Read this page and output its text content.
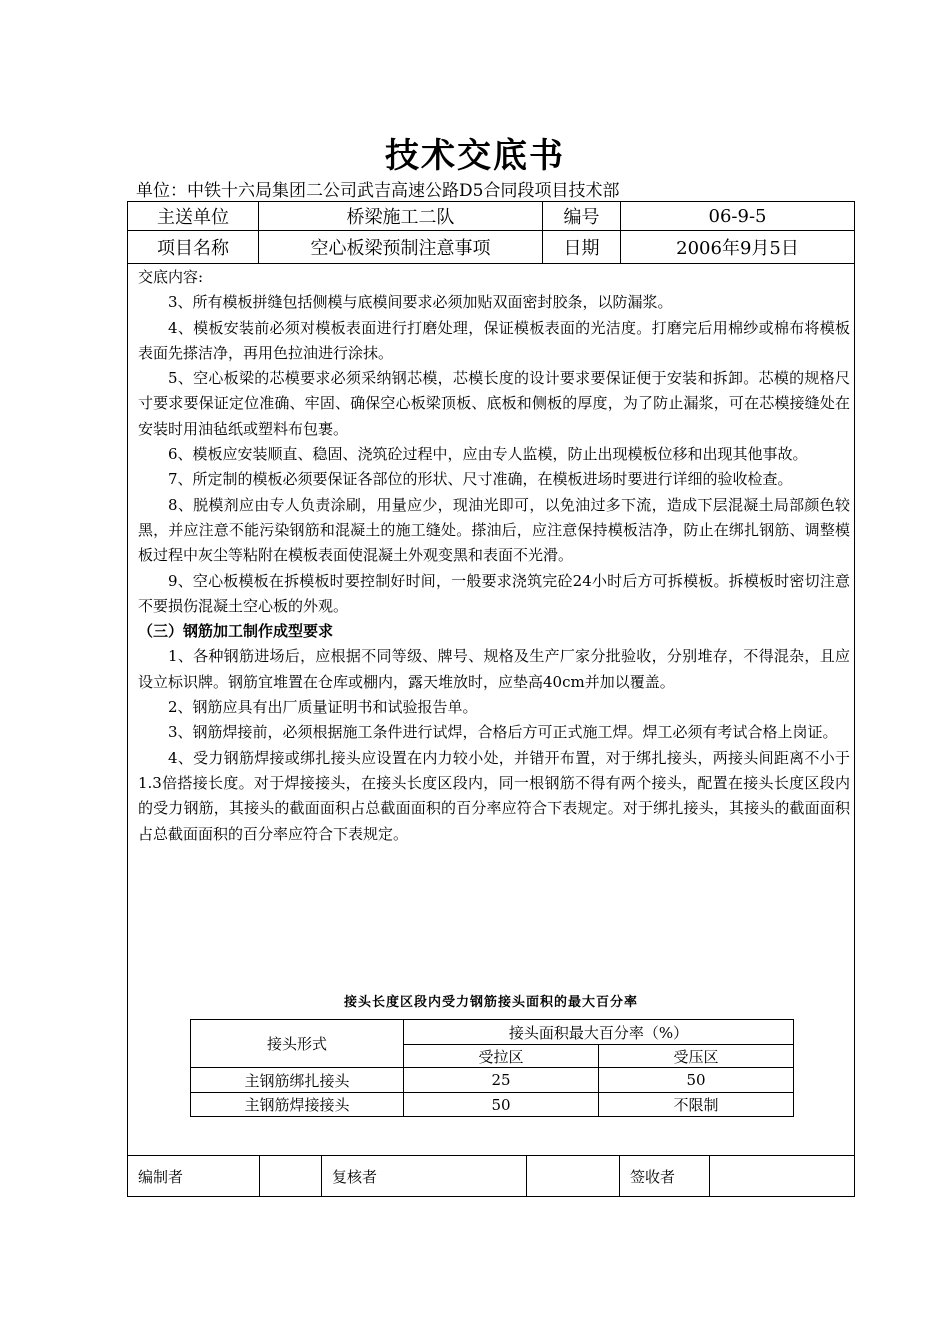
技术交底书
单位：中铁十六局集团二公司武吉高速公路D5合同段项目技术部
主送单位	桥梁施工二队	编号	06-9-5
项目名称	空心板梁预制注意事项	日期	2006年9月5日

交底内容:

3、所有模板拼缝包括侧模与底模间要求必须加贴双面密封胶条，以防漏浆。

4、模板安装前必须对模板表面进行打磨处理，保证模板表面的光洁度。打磨完后用棉纱或棉布将模板表面先搽洁净，再用色拉油进行涂抹。

5、空心板梁的芯模要求必须采纳钢芯模，芯模长度的设计要求要保证便于安装和拆卸。芯模的规格尺寸要求要保证定位准确、牢固、确保空心板梁顶板、底板和侧板的厚度，为了防止漏浆，可在芯模接缝处在安装时用油毡纸或塑料布包裹。

6、模板应安装顺直、稳固、浇筑砼过程中，应由专人监模，防止出现模板位移和出现其他事故。

7、所定制的模板必须要保证各部位的形状、尺寸准确，在模板进场时要进行详细的验收检查。

8、脱模剂应由专人负责涂刷，用量应少，现油光即可，以免油过多下流，造成下层混凝土局部颜色较黑，并应注意不能污染钢筋和混凝土的施工缝处。搽油后，应注意保持模板洁净，防止在绑扎钢筋、调整模板过程中灰尘等粘附在模板表面使混凝土外观变黑和表面不光滑。

9、空心板模板在拆模板时要控制好时间，一般要求浇筑完砼24小时后方可拆模板。拆模板时密切注意不要损伤混凝土空心板的外观。

（三）钢筋加工制作成型要求

1、各种钢筋进场后，应根据不同等级、牌号、规格及生产厂家分批验收，分别堆存，不得混杂，且应设立标识牌。钢筋宜堆置在仓库或棚内，露天堆放时，应垫高40cm并加以覆盖。

2、钢筋应具有出厂质量证明书和试验报告单。

3、钢筋焊接前，必须根据施工条件进行试焊，合格后方可正式施工焊。焊工必须有考试合格上岗证。

4、受力钢筋焊接或绑扎接头应设置在内力较小处，并错开布置，对于绑扎接头，两接头间距离不小于1.3倍搭接长度。对于焊接接头，在接头长度区段内，同一根钢筋不得有两个接头，配置在接头长度区段内的受力钢筋，其接头的截面面积占总截面面积的百分率应符合下表规定。对于绑扎接头，其接头的截面面积占总截面面积的百分率应符合下表规定。

接头长度区段内受力钢筋接头面积的最大百分率
接头形式
接头面积最大百分率（%）
受拉区	受压区
主钢筋绑扎接头	25	50
主钢筋焊接接头	50	不限制
编制者	复核者	签收者
